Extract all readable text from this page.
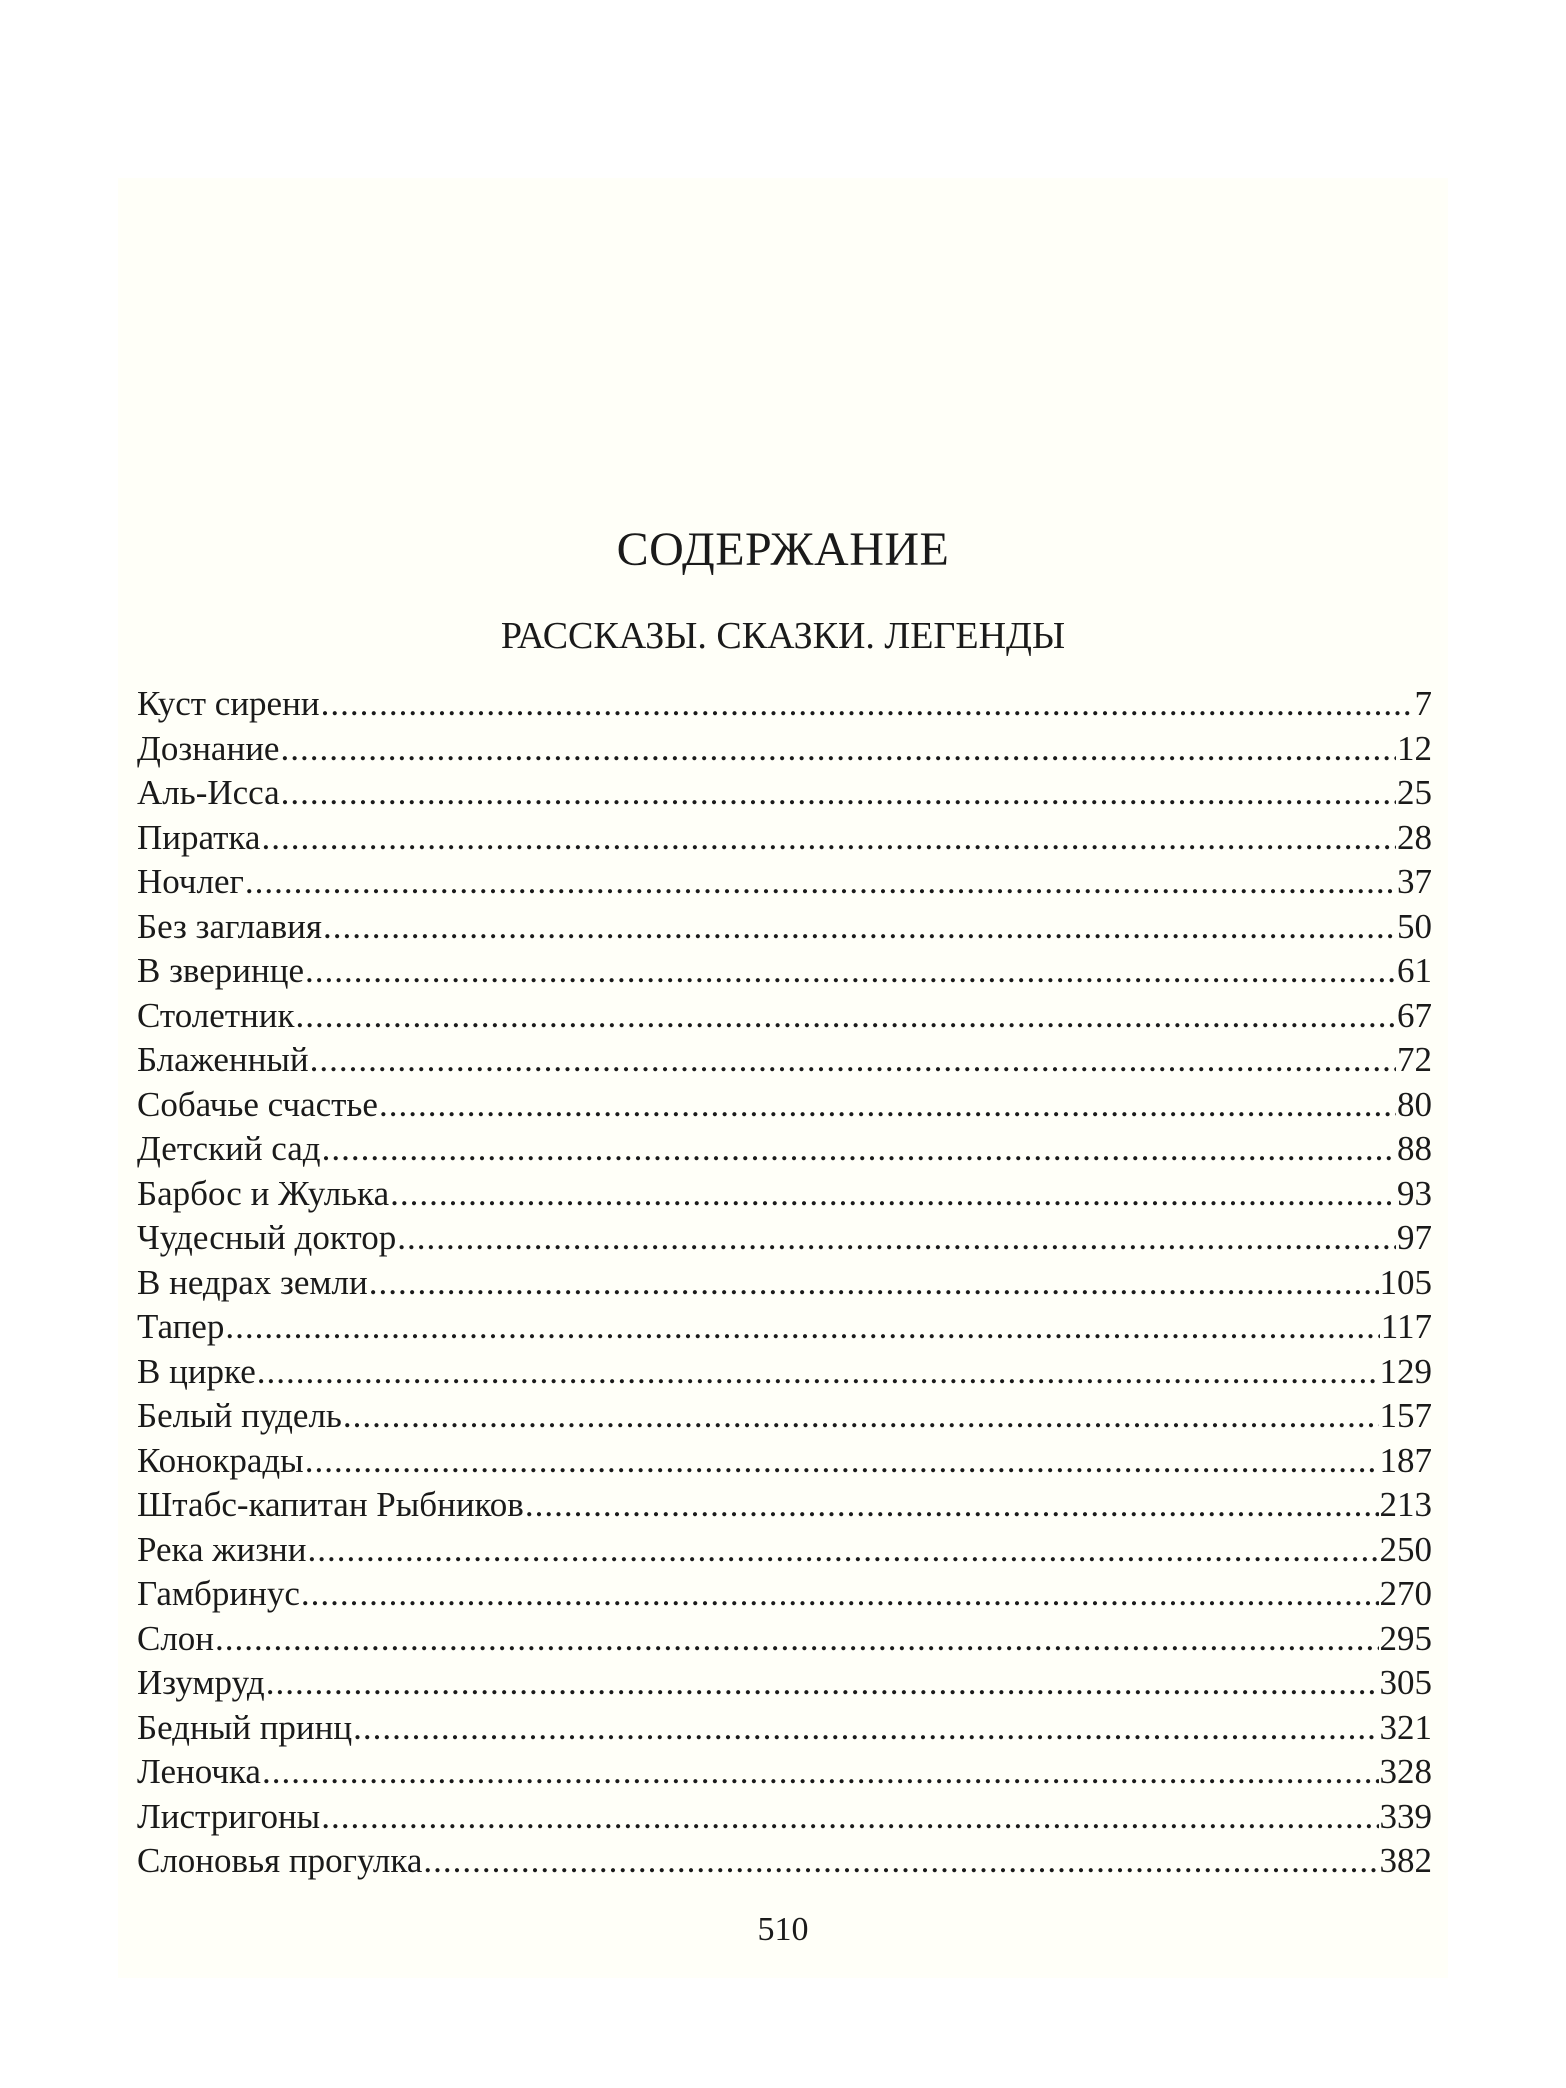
СОДЕРЖАНИЕ
РАССКАЗЫ. СКАЗКИ. ЛЕГЕНДЫ
Куст сирени .....	7
Дознание .....	12
Аль-Исса .....	25
Пиратка .....	28
Ночлег .....	37
Без заглавия .....	50
В зверинце .....	61
Столетник .....	67
Блаженный .....	72
Собачье счастье .....	80
Детский сад .....	88
Барбос и Жулька .....	93
Чудесный доктор .....	97
В недрах земли .....	105
Тапер .....	117
В цирке .....	129
Белый пудель .....	157
Конокрады .....	187
Штабс-капитан Рыбников .....	213
Река жизни .....	250
Гамбринус .....	270
Слон .....	295
Изумруд .....	305
Бедный принц .....	321
Леночка .....	328
Листригоны .....	339
Слоновья прогулка .....	382
510
